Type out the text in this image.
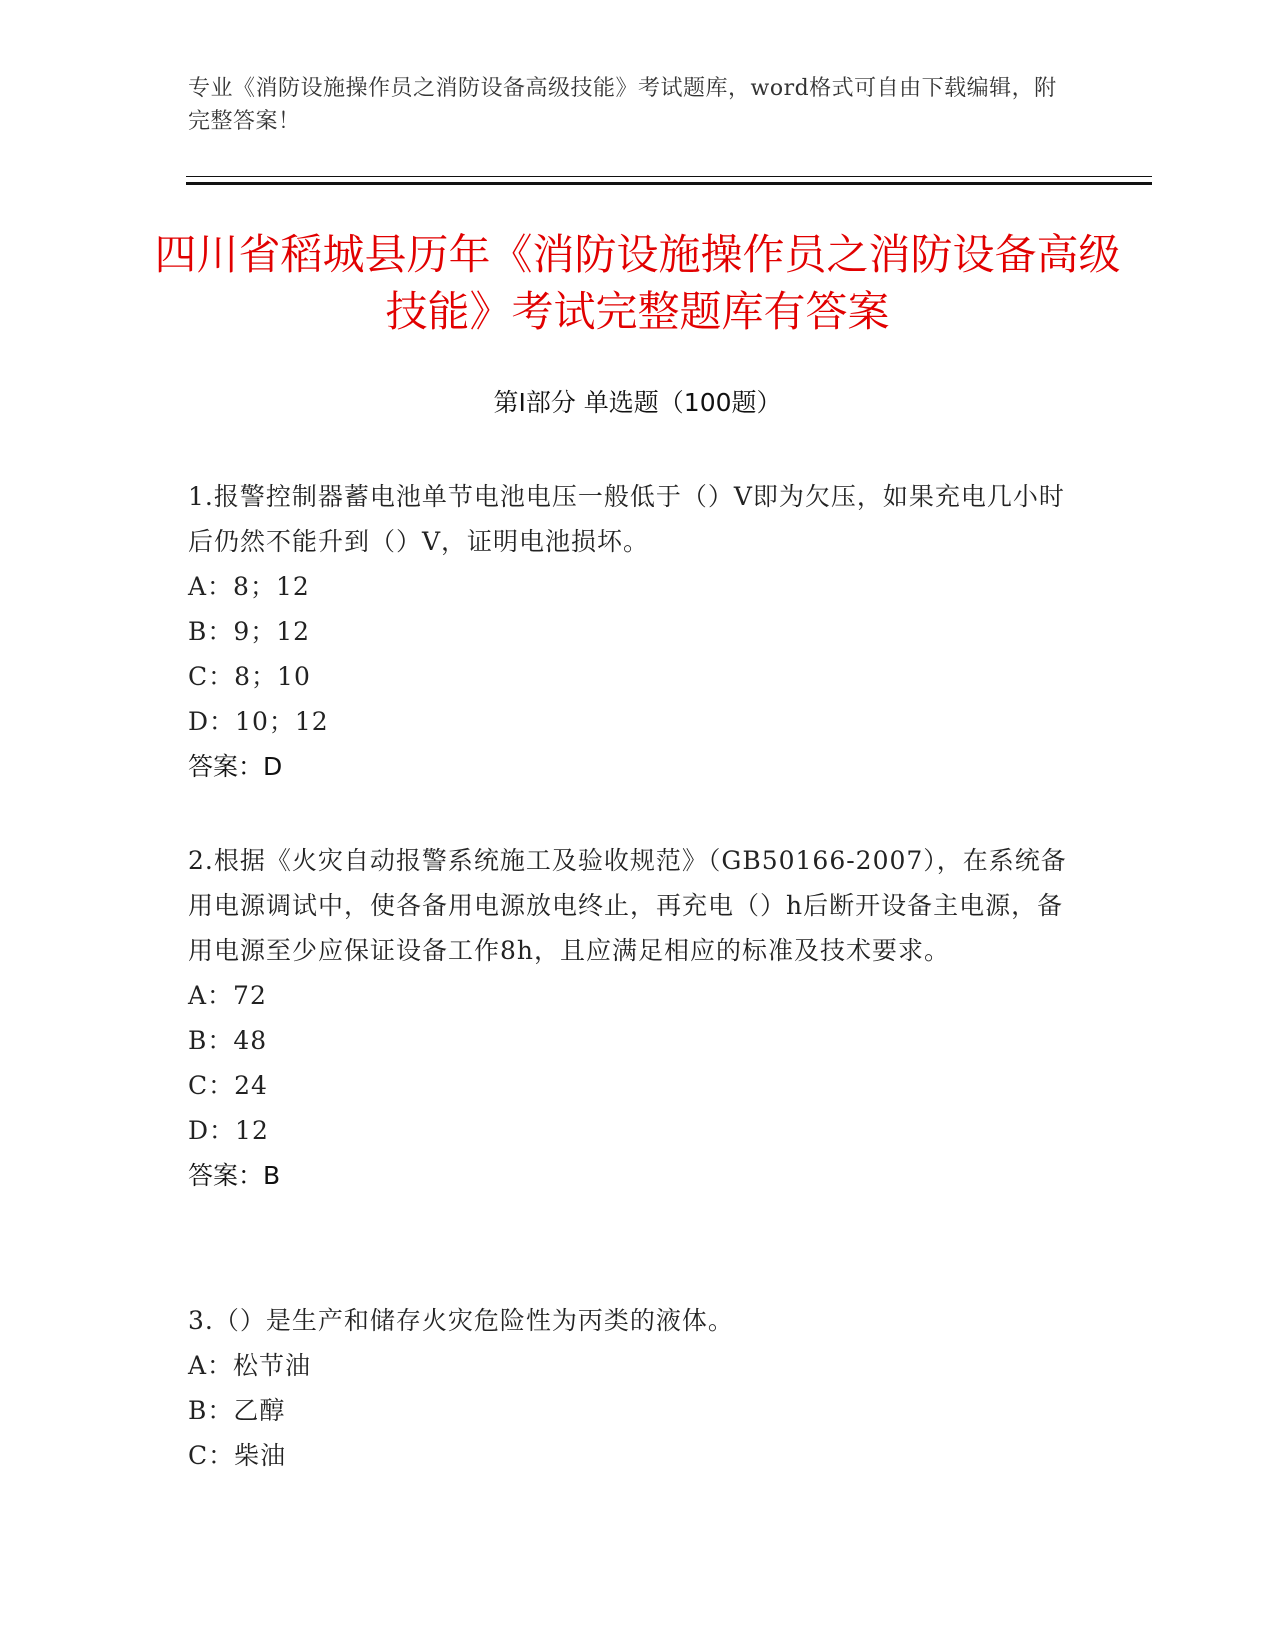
专业《消防设施操作员之消防设备高级技能》考试题库，word格式可自由下载编辑，附完整答案！
四川省稻城县历年《消防设施操作员之消防设备高级技能》考试完整题库有答案
第Ⅰ部分 单选题（100题）
1.报警控制器蓄电池单节电池电压一般低于（）V即为欠压，如果充电几小时后仍然不能升到（）V，证明电池损坏。
A：8；12
B：9；12
C：8；10
D：10；12
答案：D
2.根据《火灾自动报警系统施工及验收规范》（GB50166-2007），在系统备用电源调试中，使各备用电源放电终止，再充电（）h后断开设备主电源，备用电源至少应保证设备工作8h，且应满足相应的标准及技术要求。
A：72
B：48
C：24
D：12
答案：B
3.（）是生产和储存火灾危险性为丙类的液体。
A：松节油
B：乙醇
C：柴油
